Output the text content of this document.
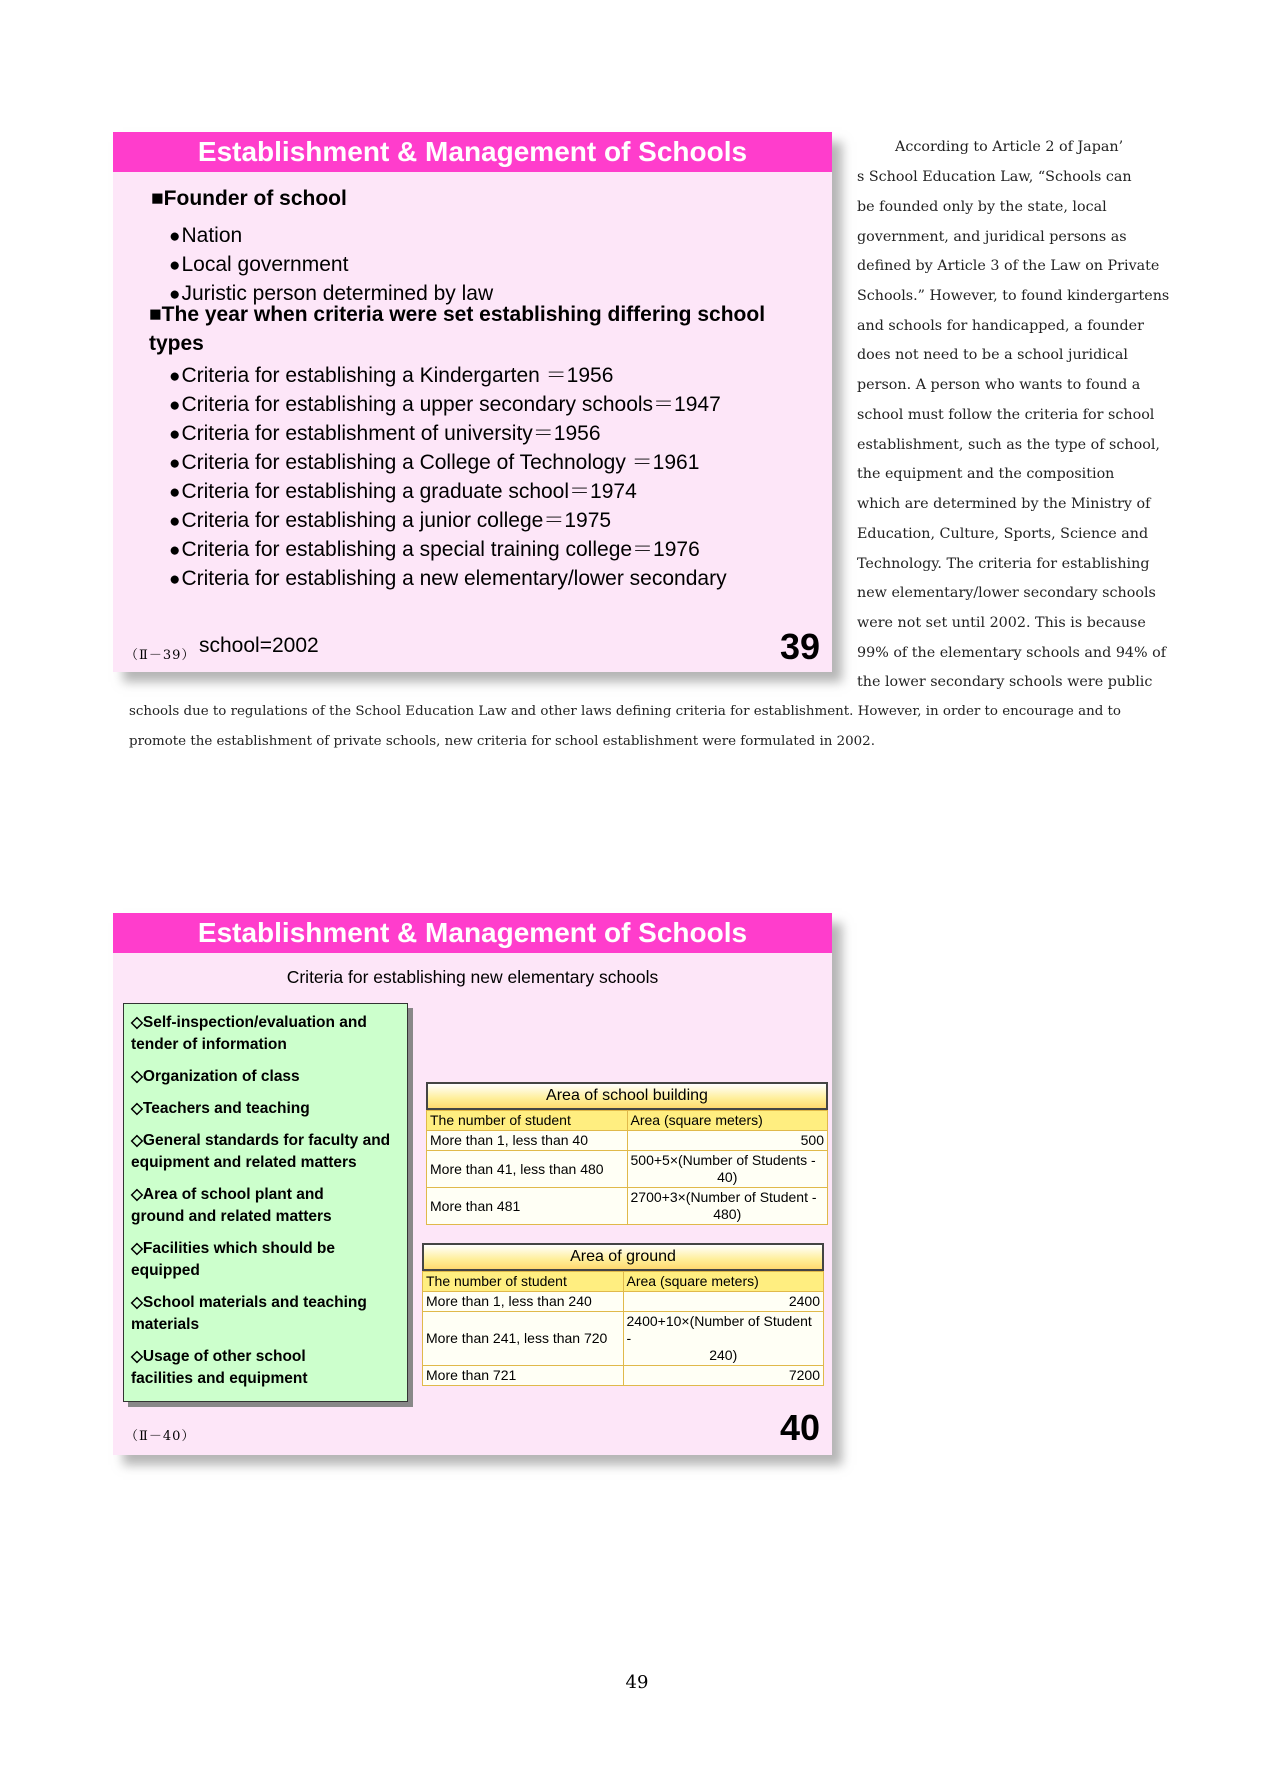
Establishment & Management of Schools
■Founder of school
● Nation
● Local government
● Juristic person determined by law
■The year when criteria were set establishing differing school
types
● Criteria for establishing a Kindergarten ＝1956
● Criteria for establishing a upper secondary schools＝1947
● Criteria for establishment of university＝1956
● Criteria for establishing a College of Technology ＝1961
● Criteria for establishing a graduate school＝1974
● Criteria for establishing a junior college＝1975
● Criteria for establishing a special training college＝1976
● Criteria for establishing a new elementary/lower secondary
school=2002
（Ⅱ－39）	39
According to Article 2 of Japan’
s School Education Law, “Schools can
be founded only by the state, local
government, and juridical persons as
defined by Article 3 of the Law on Private
Schools.” However, to found kindergartens
and schools for handicapped, a founder
does not need to be a school juridical
person. A person who wants to found a
school must follow the criteria for school
establishment, such as the type of school,
the equipment and the composition
which are determined by the Ministry of
Education, Culture, Sports, Science and
Technology. The criteria for establishing
new elementary/lower secondary schools
were not set until 2002. This is because
99% of the elementary schools and 94% of
the lower secondary schools were public
schools due to regulations of the School Education Law and other laws defining criteria for establishment. However, in order to encourage and to
promote the establishment of private schools, new criteria for school establishment were formulated in 2002.
Establishment & Management of Schools
Criteria for establishing new elementary schools
◇Self-inspection/evaluation and
tender of information
◇Organization of class
◇Teachers and teaching
◇General standards for faculty and
equipment and related matters
◇Area of school plant and
ground and related matters
◇Facilities which should be
equipped
◇School materials and teaching
materials
◇Usage of other school
facilities and equipment
Area of school building
The number of student	Area (square meters)
More than 1, less than 40	500
More than 41, less than 480	500+5×(Number of Students -
40)

More than 481	2700+3×(Number of Student -
480)
Area of ground
The number of student	Area (square meters)
More than 1, less than 240	2400
More than 241, less than 720	2400+10×(Number of Student -
240)

More than 721	7200
（Ⅱ－40）	40
49
